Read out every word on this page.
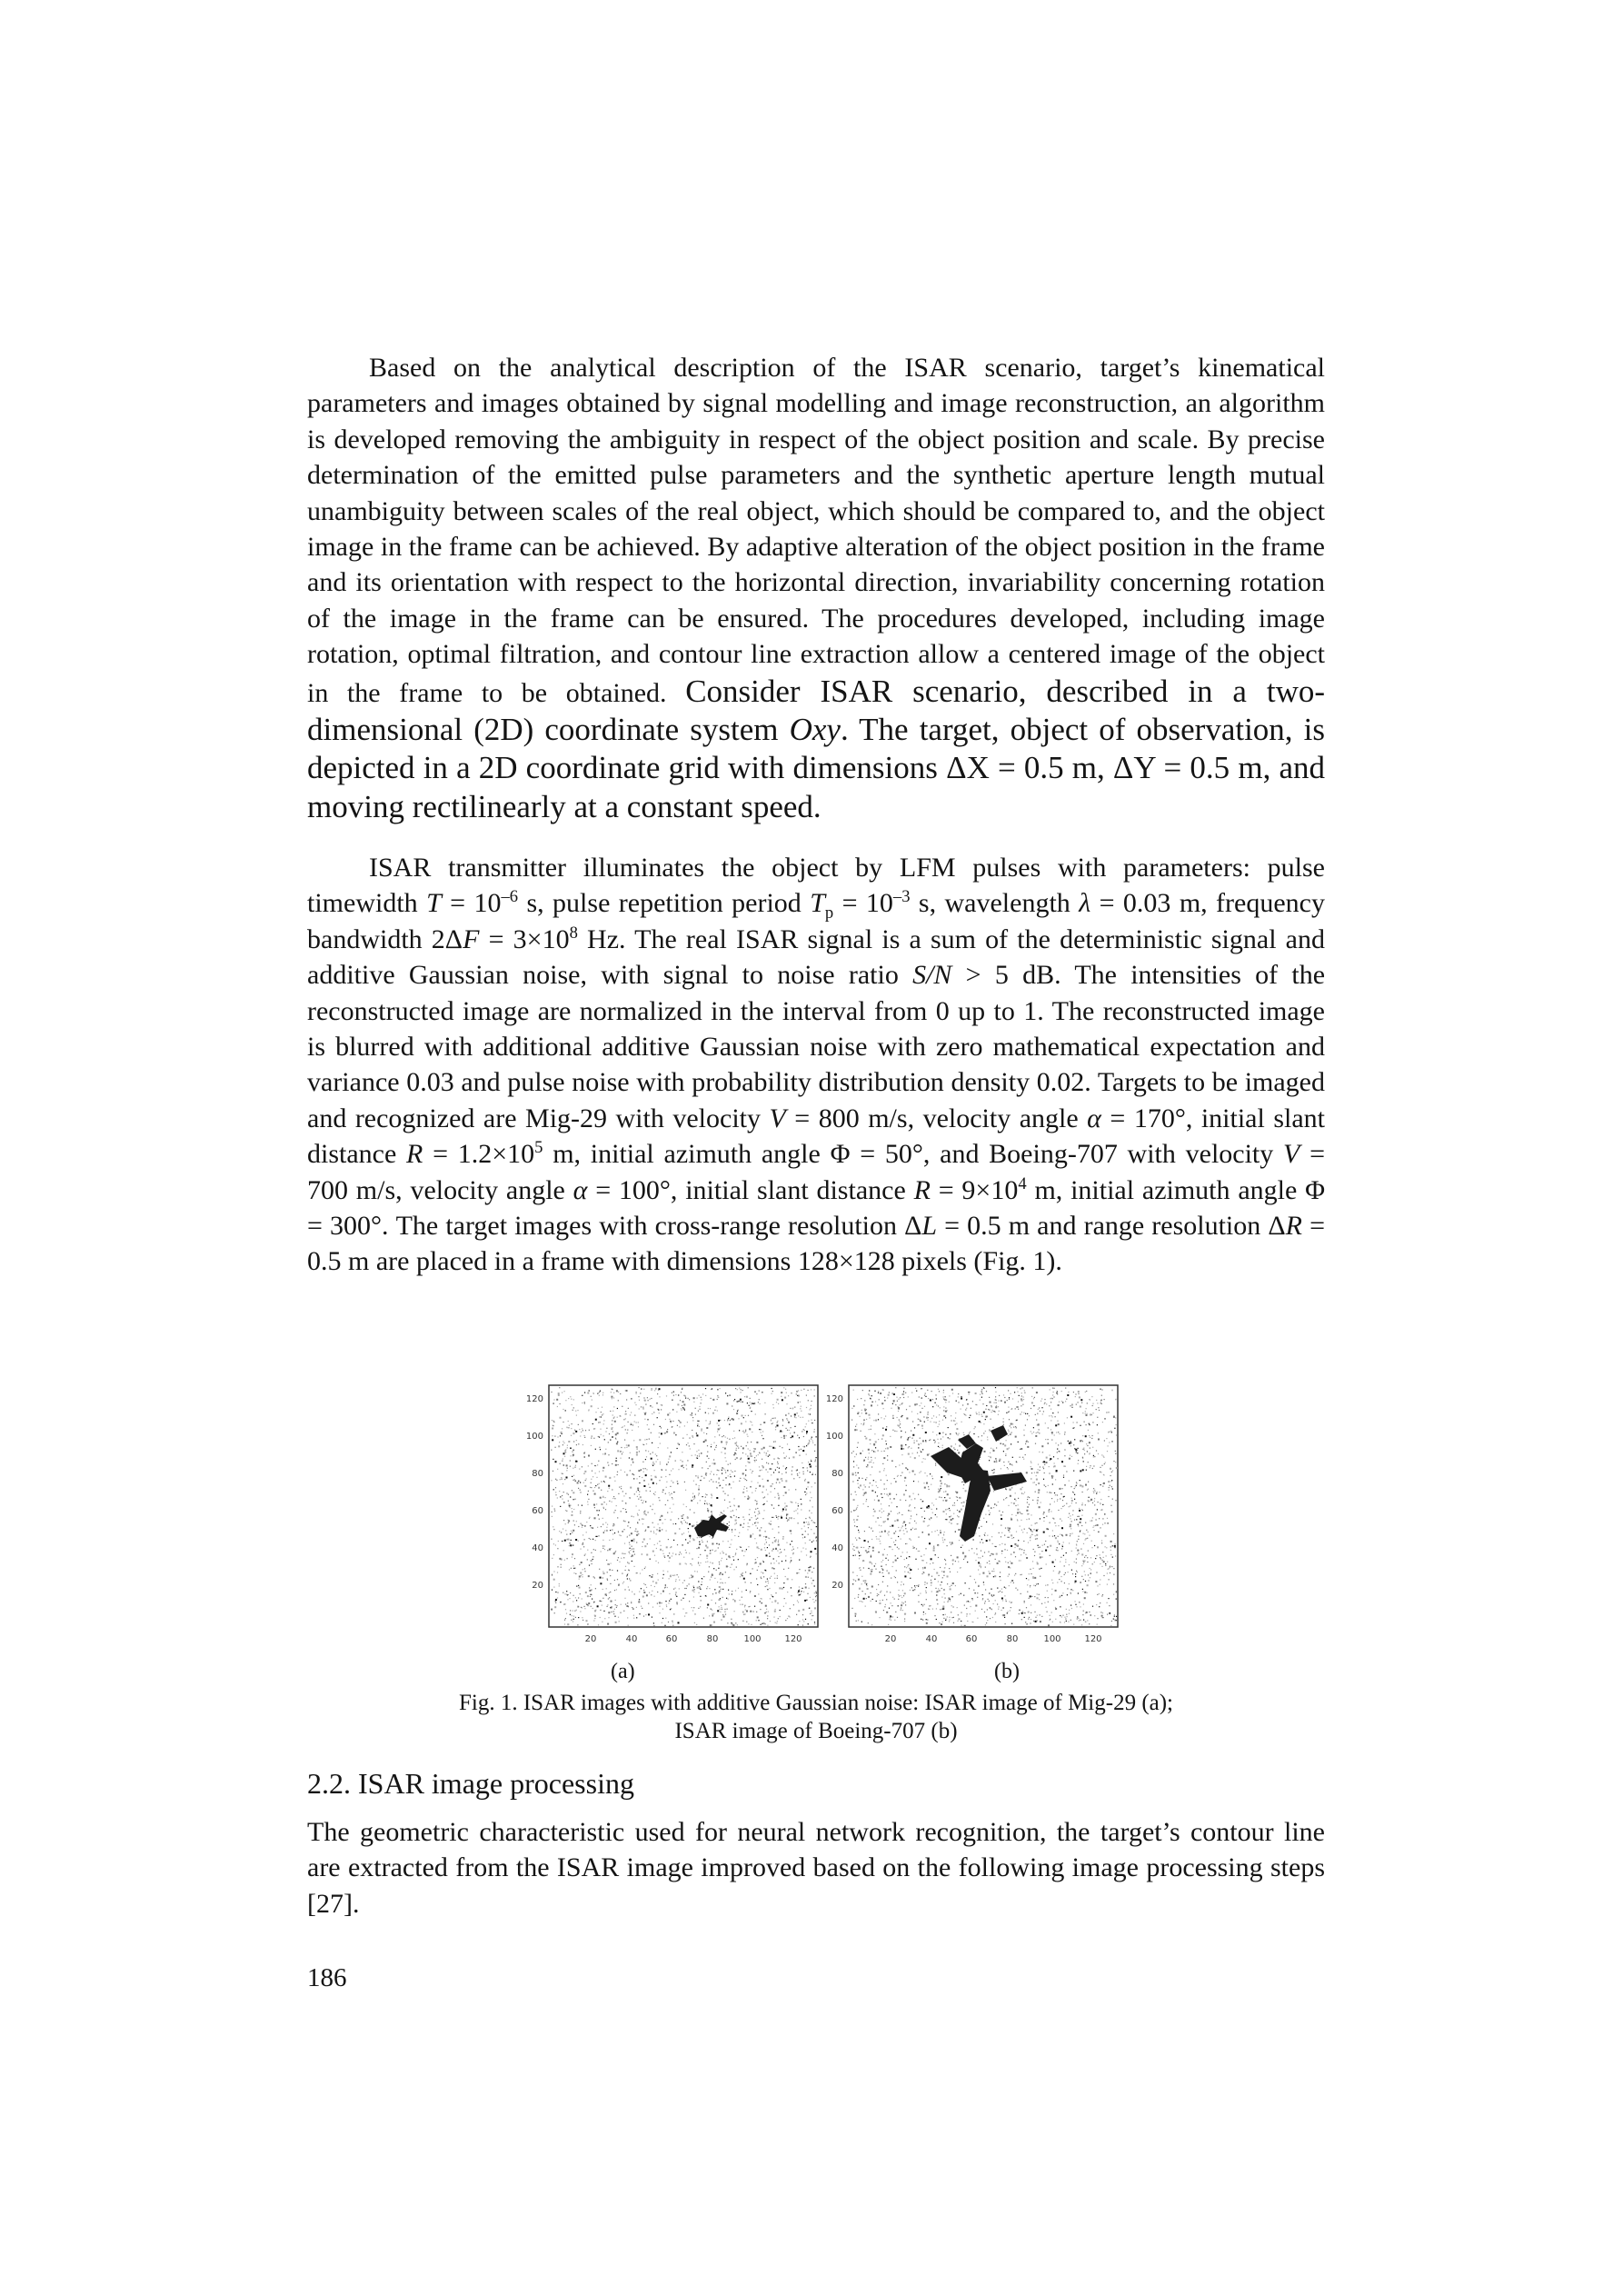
Based on the analytical description of the ISAR scenario, target’s kinematical parameters and images obtained by signal modelling and image reconstruction, an algorithm is developed removing the ambiguity in respect of the object position and scale. By precise determination of the emitted pulse parameters and the synthetic aperture length mutual unambiguity between scales of the real object, which should be compared to, and the object image in the frame can be achieved. By adaptive alteration of the object position in the frame and its orientation with respect to the horizontal direction, invariability concerning rotation of the image in the frame can be ensured. The procedures developed, including image rotation, optimal filtration, and contour line extraction allow a centered image of the object in the frame to be obtained. Consider ISAR scenario, described in a two-dimensional (2D) coordinate system Oxy. The target, object of observation, is depicted in a 2D coordinate grid with dimensions ΔX = 0.5 m, ΔY = 0.5 m, and moving rectilinearly at a constant speed.

ISAR transmitter illuminates the object by LFM pulses with parameters: pulse timewidth $T = 10^{-6}$ s, pulse repetition period $T_p = 10^{-3}$ s, wavelength λ = 0.03 m, frequency bandwidth $2\Delta F = 3\times 10^8$ Hz. The real ISAR signal is a sum of the deterministic signal and additive Gaussian noise, with signal to noise ratio S/N > 5 dB. The intensities of the reconstructed image are normalized in the interval from 0 up to 1. The reconstructed image is blurred with additional additive Gaussian noise with zero mathematical expectation and variance 0.03 and pulse noise with probability distribution density 0.02. Targets to be imaged and recognized are Mig-29 with velocity V = 800 m/s, velocity angle α = 170°, initial slant distance $R = 1.2\times 10^5$ m, initial azimuth angle Φ = 50°, and Boeing-707 with velocity V = 700 m/s, velocity angle α = 100°, initial slant distance $R = 9\times 10^4$ m, initial azimuth angle Φ = 300°. The target images with cross-range resolution ΔL = 0.5 m and range resolution ΔR = 0.5 m are placed in a frame with dimensions 128×128 pixels (Fig. 1).

120
100
80
60
40
20
20	40	60	80	100	120
120
100
80
60
40
20
20	40	60	80	100	120
(a)	(b)
Fig. 1. ISAR images with additive Gaussian noise: ISAR image of Mig-29 (a);
ISAR image of Boeing-707 (b)
2.2. ISAR image processing

The geometric characteristic used for neural network recognition, the target’s contour line are extracted from the ISAR image improved based on the following image processing steps [27].

186
